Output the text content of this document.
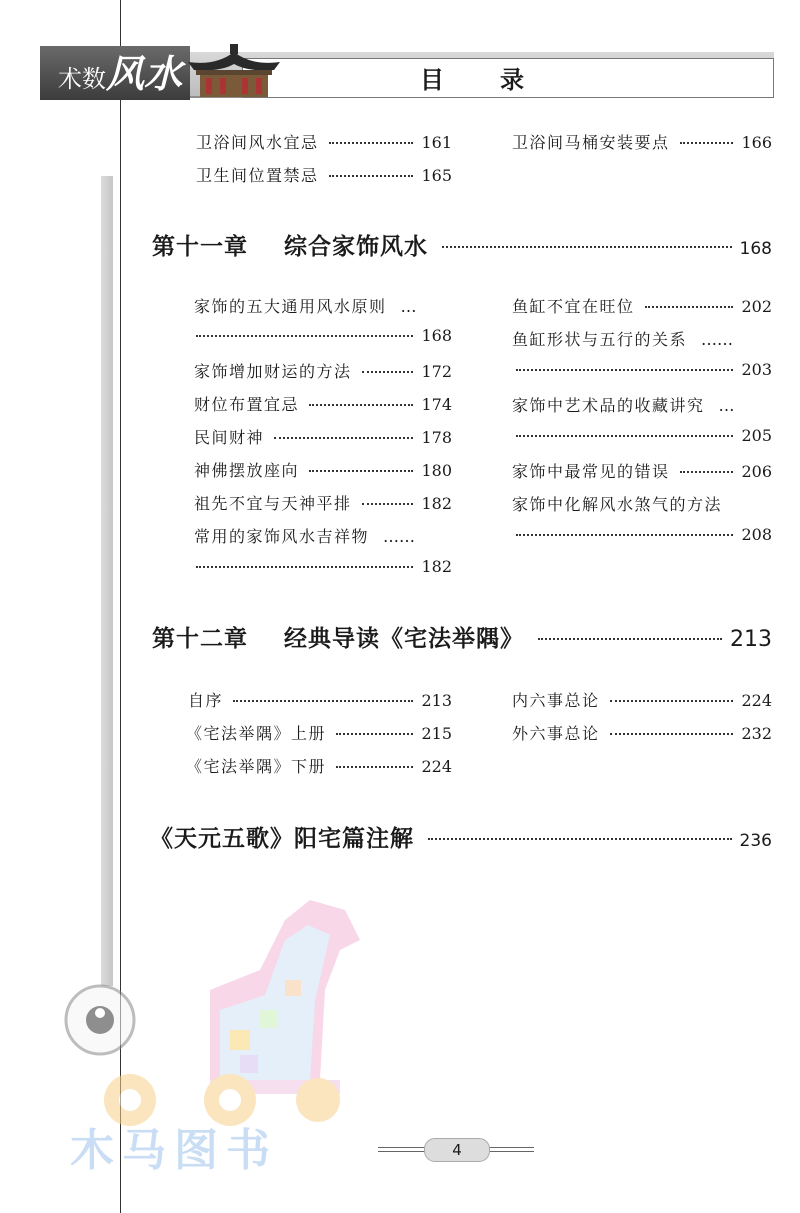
术数风水	目录
卫浴间风水宜忌	161
卫生间位置禁忌	165
卫浴间马桶安装要点	166
第十一章 综合家饰风水	168
家饰的五大通用风水原则 …
168
家饰增加财运的方法	172
财位布置宜忌	174
民间财神	178
神佛摆放座向	180
祖先不宜与天神平排	182
常用的家饰风水吉祥物 ……
182
鱼缸不宜在旺位	202
鱼缸形状与五行的关系 ……
203
家饰中艺术品的收藏讲究 …
205
家饰中最常见的错误	206
家饰中化解风水煞气的方法
208
第十二章 经典导读《宅法举隅》	213
自序	213
《宅法举隅》上册	215
《宅法举隅》下册	224
内六事总论	224
外六事总论	232
《天元五歌》阳宅篇注解	236
木马图书	4
